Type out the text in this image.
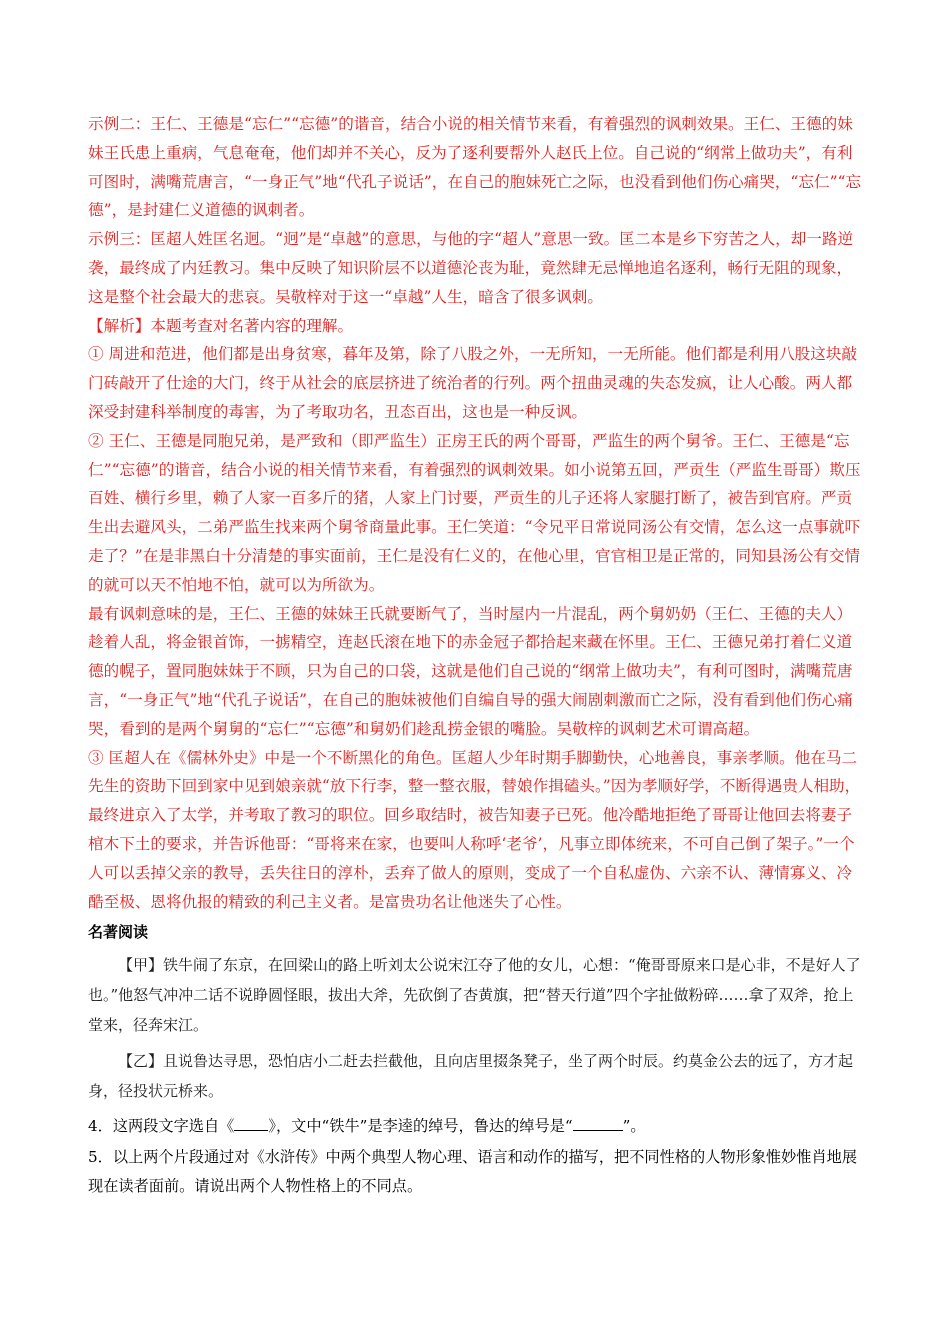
示例二：王仁、王德是“忘仁”“忘德”的谐音，结合小说的相关情节来看，有着强烈的讽刺效果。王仁、王德的妹妹王氏患上重病，气息奄奄，他们却并不关心，反为了逐利要帮外人赵氏上位。自己说的“纲常上做功夫”，有利可图时，满嘴荒唐言，“一身正气”地“代孔子说话”，在自己的胞妹死亡之际，也没看到他们伤心痛哭，“忘仁”“忘德”，是封建仁义道德的讽刺者。

示例三：匡超人姓匡名迥。“迥”是“卓越”的意思，与他的字“超人”意思一致。匡二本是乡下穷苦之人，却一路逆袭，最终成了内廷教习。集中反映了知识阶层不以道德沦丧为耻，竟然肆无忌惮地追名逐利，畅行无阻的现象，这是整个社会最大的悲哀。吴敬梓对于这一“卓越”人生，暗含了很多讽刺。

【解析】本题考查对名著内容的理解。

① 周进和范进，他们都是出身贫寒，暮年及第，除了八股之外，一无所知，一无所能。他们都是利用八股这块敲门砖敲开了仕途的大门，终于从社会的底层挤进了统治者的行列。两个扭曲灵魂的失态发疯，让人心酸。两人都深受封建科举制度的毒害，为了考取功名，丑态百出，这也是一种反讽。

② 王仁、王德是同胞兄弟，是严致和（即严监生）正房王氏的两个哥哥，严监生的两个舅爷。王仁、王德是“忘仁”“忘德”的谐音，结合小说的相关情节来看，有着强烈的讽刺效果。如小说第五回，严贡生（严监生哥哥）欺压百姓、横行乡里，赖了人家一百多斤的猪，人家上门讨要，严贡生的儿子还将人家腿打断了，被告到官府。严贡生出去避风头，二弟严监生找来两个舅爷商量此事。王仁笑道：“令兄平日常说同汤公有交情，怎么这一点事就吓走了？”在是非黑白十分清楚的事实面前，王仁是没有仁义的，在他心里，官官相卫是正常的，同知县汤公有交情的就可以天不怕地不怕，就可以为所欲为。

最有讽刺意味的是，王仁、王德的妹妹王氏就要断气了，当时屋内一片混乱，两个舅奶奶（王仁、王德的夫人）趁着人乱，将金银首饰，一掳精空，连赵氏滚在地下的赤金冠子都拾起来藏在怀里。王仁、王德兄弟打着仁义道德的幌子，置同胞妹妹于不顾，只为自己的口袋，这就是他们自己说的“纲常上做功夫”，有利可图时，满嘴荒唐言，“一身正气”地“代孔子说话”，在自己的胞妹被他们自编自导的强大闹剧刺激而亡之际，没有看到他们伤心痛哭，看到的是两个舅舅的“忘仁”“忘德”和舅奶们趁乱捞金银的嘴脸。吴敬梓的讽刺艺术可谓高超。

③ 匡超人在《儒林外史》中是一个不断黑化的角色。匡超人少年时期手脚勤快，心地善良，事亲孝顺。他在马二先生的资助下回到家中见到娘亲就“放下行李，整一整衣服，替娘作揖磕头。”因为孝顺好学，不断得遇贵人相助，最终进京入了太学，并考取了教习的职位。回乡取结时，被告知妻子已死。他冷酷地拒绝了哥哥让他回去将妻子棺木下土的要求，并告诉他哥：“哥将来在家，也要叫人称呼‘老爷’，凡事立即体统来，不可自己倒了架子。”一个人可以丢掉父亲的教导，丢失往日的淳朴，丢弃了做人的原则，变成了一个自私虚伪、六亲不认、薄情寡义、冷酷至极、恩将仇报的精致的利己主义者。是富贵功名让他迷失了心性。

名著阅读

【甲】铁牛闹了东京，在回梁山的路上听刘太公说宋江夺了他的女儿，心想：“俺哥哥原来口是心非，不是好人了也。”他怒气冲冲二话不说睁圆怪眼，拔出大斧，先砍倒了杏黄旗，把“替天行道”四个字扯做粉碎……拿了双斧，抢上堂来，径奔宋江。

【乙】且说鲁达寻思，恐怕店小二赶去拦截他，且向店里掇条凳子，坐了两个时辰。约莫金公去的远了，方才起身，径投状元桥来。

4．这两段文字选自《 》，文中“铁牛”是李逵的绰号，鲁达的绰号是“	”。

5．以上两个片段通过对《水浒传》中两个典型人物心理、语言和动作的描写，把不同性格的人物形象惟妙惟肖地展现在读者面前。请说出两个人物性格上的不同点。
